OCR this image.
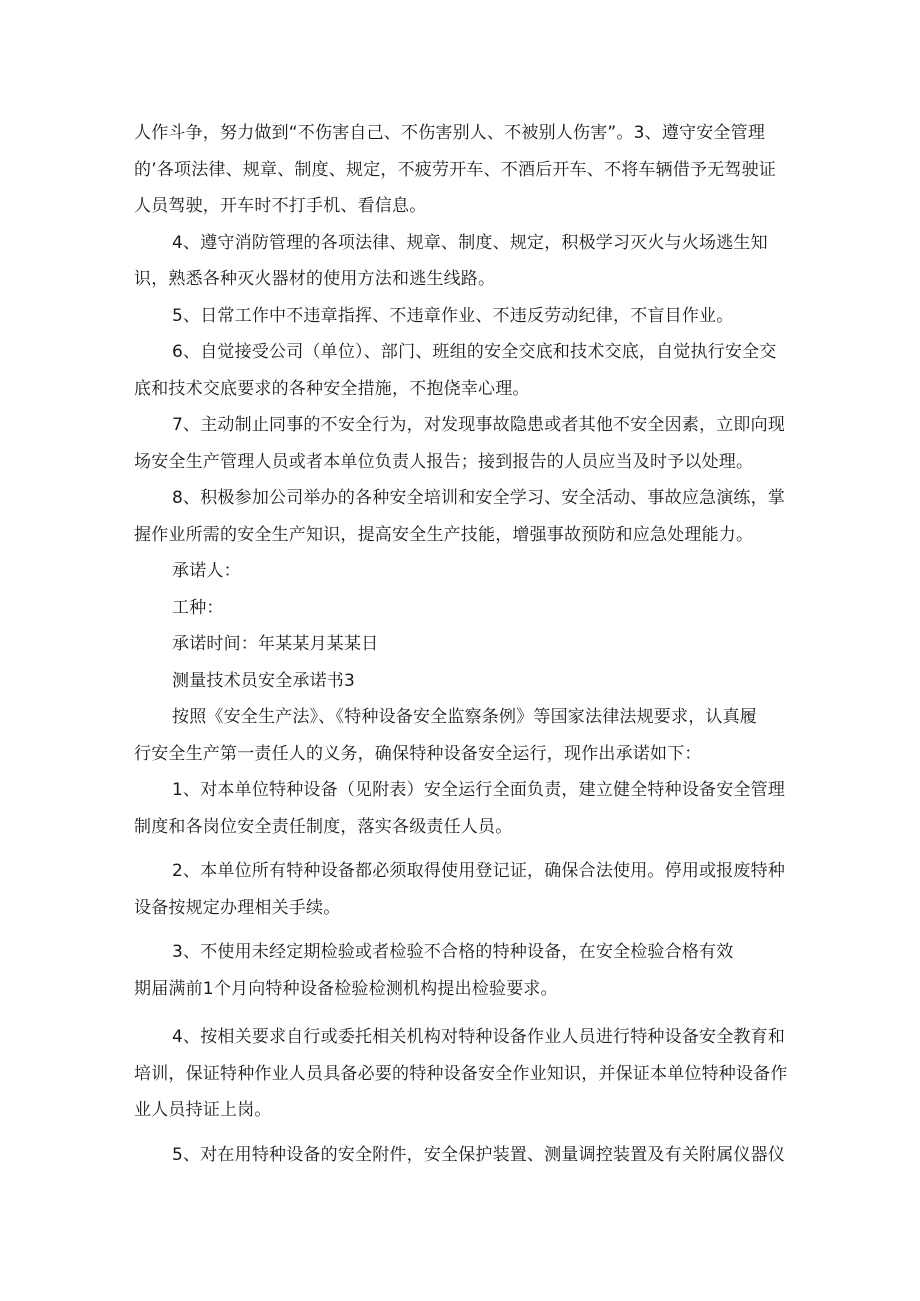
人作斗争，努力做到“不伤害自己、不伤害别人、不被别人伤害”。3、遵守安全管理
的’各项法律、规章、制度、规定，不疲劳开车、不酒后开车、不将车辆借予无驾驶证
人员驾驶，开车时不打手机、看信息。
4、遵守消防管理的各项法律、规章、制度、规定，积极学习灭火与火场逃生知
识，熟悉各种灭火器材的使用方法和逃生线路。
5、日常工作中不违章指挥、不违章作业、不违反劳动纪律，不盲目作业。
6、自觉接受公司（单位）、部门、班组的安全交底和技术交底，自觉执行安全交
底和技术交底要求的各种安全措施，不抱侥幸心理。
7、主动制止同事的不安全行为，对发现事故隐患或者其他不安全因素，立即向现
场安全生产管理人员或者本单位负责人报告；接到报告的人员应当及时予以处理。
8、积极参加公司举办的各种安全培训和安全学习、安全活动、事故应急演练，掌
握作业所需的安全生产知识，提高安全生产技能，增强事故预防和应急处理能力。
承诺人：
工种：
承诺时间：年某某月某某日
测量技术员安全承诺书3
按照《安全生产法》、《特种设备安全监察条例》等国家法律法规要求，认真履
行安全生产第一责任人的义务，确保特种设备安全运行，现作出承诺如下：
1、对本单位特种设备（见附表）安全运行全面负责，建立健全特种设备安全管理
制度和各岗位安全责任制度，落实各级责任人员。
2、本单位所有特种设备都必须取得使用登记证，确保合法使用。停用或报废特种
设备按规定办理相关手续。
3、不使用未经定期检验或者检验不合格的特种设备，在安全检验合格有效
期届满前1个月向特种设备检验检测机构提出检验要求。
4、按相关要求自行或委托相关机构对特种设备作业人员进行特种设备安全教育和
培训，保证特种作业人员具备必要的特种设备安全作业知识，并保证本单位特种设备作
业人员持证上岗。
5、对在用特种设备的安全附件，安全保护装置、测量调控装置及有关附属仪器仪
